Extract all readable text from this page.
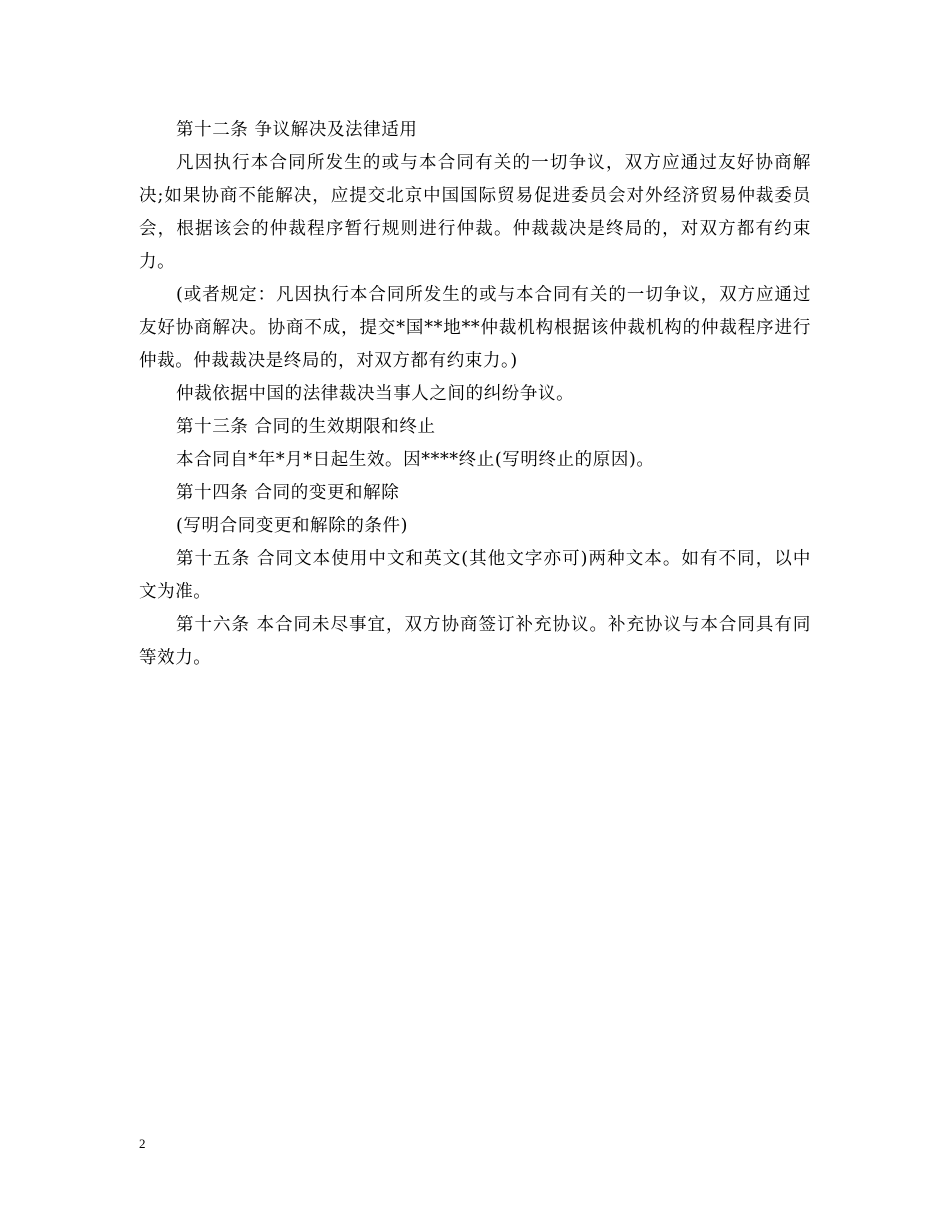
第十二条 争议解决及法律适用

凡因执行本合同所发生的或与本合同有关的一切争议，双方应通过友好协商解决;如果协商不能解决，应提交北京中国国际贸易促进委员会对外经济贸易仲裁委员会，根据该会的仲裁程序暂行规则进行仲裁。仲裁裁决是终局的，对双方都有约束力。

(或者规定：凡因执行本合同所发生的或与本合同有关的一切争议，双方应通过友好协商解决。协商不成，提交*国**地**仲裁机构根据该仲裁机构的仲裁程序进行仲裁。仲裁裁决是终局的，对双方都有约束力。)

仲裁依据中国的法律裁决当事人之间的纠纷争议。

第十三条 合同的生效期限和终止

本合同自*年*月*日起生效。因****终止(写明终止的原因)。

第十四条 合同的变更和解除

(写明合同变更和解除的条件)

第十五条 合同文本使用中文和英文(其他文字亦可)两种文本。如有不同，以中文为准。

第十六条 本合同未尽事宜，双方协商签订补充协议。补充协议与本合同具有同等效力。

2
